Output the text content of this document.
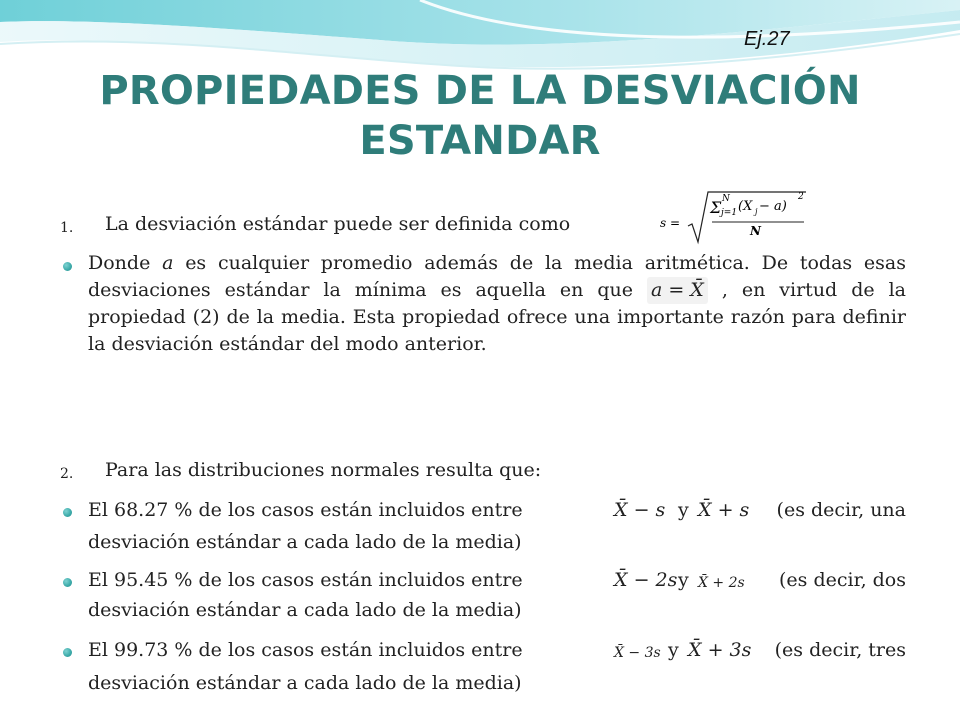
Ej.27
PROPIEDADES DE LA DESVIACIÓN
ESTANDAR
1. La desviación estándar puede ser definida como	s =
Σ N
j=1 (X j − a)
2
N
Donde a es cualquier promedio además de la media aritmética. De todas esas desviaciones estándar la mínima es aquella en que a = X̄ , en virtud de la propiedad (2) de la media. Esta propiedad ofrece una importante razón para definir la desviación estándar del modo anterior.
2. Para las distribuciones normales resulta que:
El 68.27 % de los casos están incluidos entre	X̄ − s y X̄ + s (es decir, una
desviación estándar a cada lado de la media)
El 95.45 % de los casos están incluidos entre	X̄ − 2s y X̄ + 2s (es decir, dos
desviación estándar a cada lado de la media)
El 99.73 % de los casos están incluidos entre	X̄ − 3s y X̄ + 3s (es decir, tres
desviación estándar a cada lado de la media)
